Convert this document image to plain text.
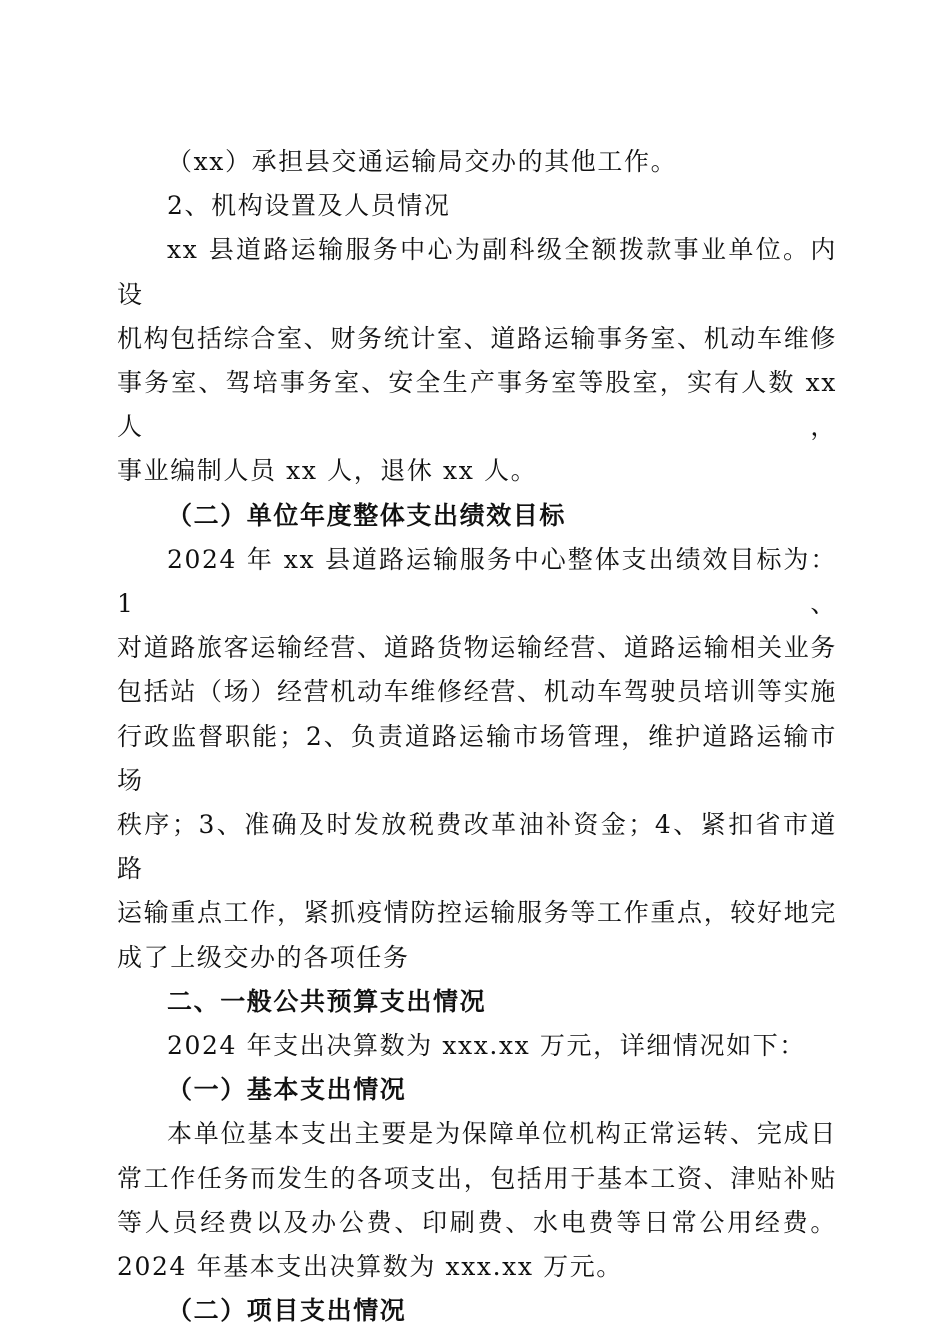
（xx）承担县交通运输局交办的其他工作。

2、机构设置及人员情况

xx 县道路运输服务中心为副科级全额拨款事业单位。内设
机构包括综合室、财务统计室、道路运输事务室、机动车维修
事务室、驾培事务室、安全生产事务室等股室，实有人数 xx 人，
事业编制人员 xx 人，退休 xx 人。

（二）单位年度整体支出绩效目标

2024 年 xx 县道路运输服务中心整体支出绩效目标为：1、
对道路旅客运输经营、道路货物运输经营、道路运输相关业务
包括站（场）经营机动车维修经营、机动车驾驶员培训等实施
行政监督职能；2、负责道路运输市场管理，维护道路运输市场
秩序；3、准确及时发放税费改革油补资金；4、紧扣省市道路
运输重点工作，紧抓疫情防控运输服务等工作重点，较好地完
成了上级交办的各项任务

二、一般公共预算支出情况

2024 年支出决算数为 xxx.xx 万元，详细情况如下：

（一）基本支出情况

本单位基本支出主要是为保障单位机构正常运转、完成日
常工作任务而发生的各项支出，包括用于基本工资、津贴补贴
等人员经费以及办公费、印刷费、水电费等日常公用经费。
2024 年基本支出决算数为 xxx.xx 万元。

（二）项目支出情况
